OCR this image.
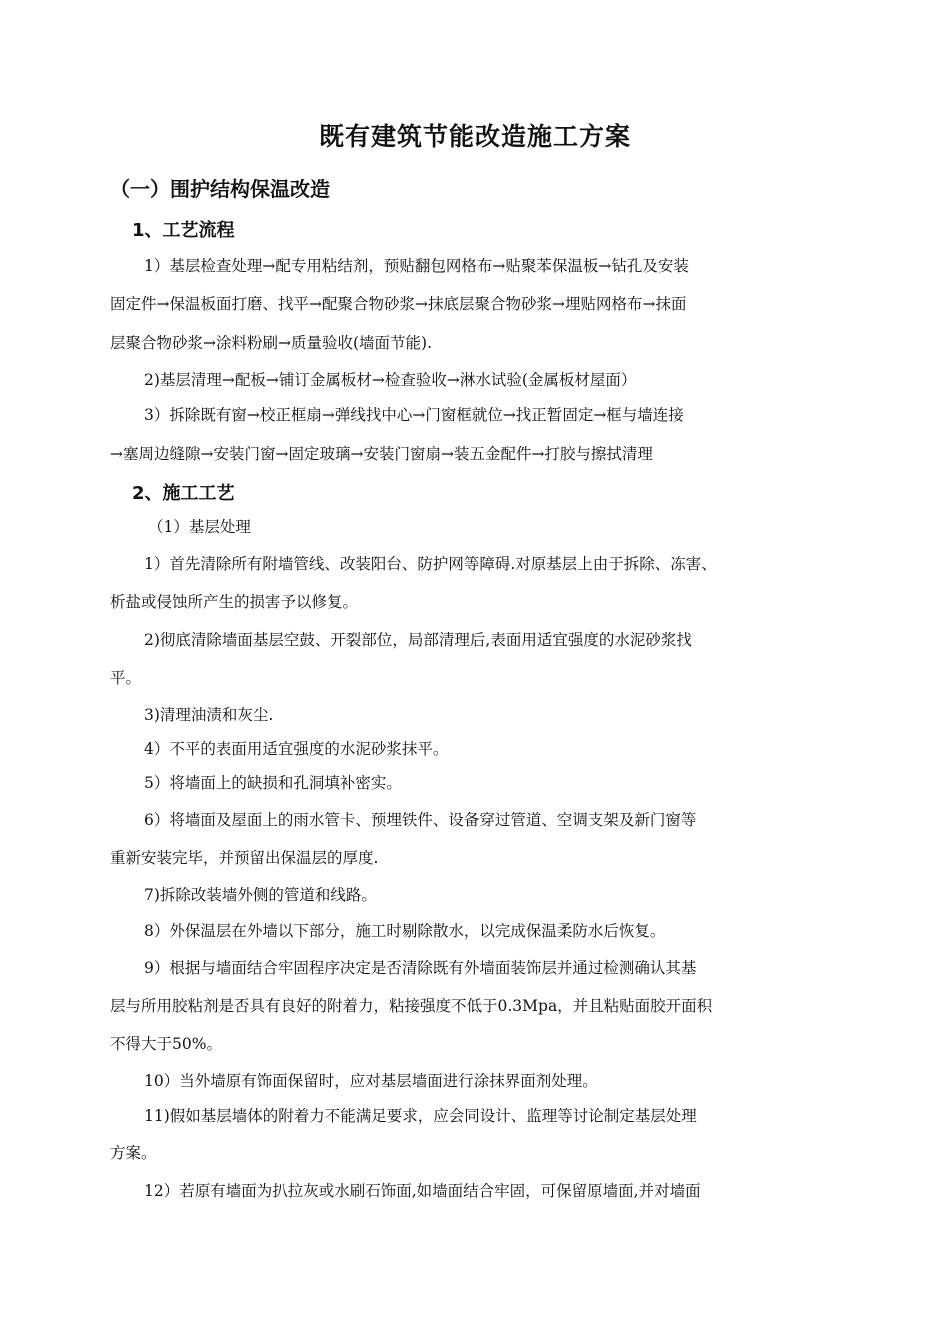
既有建筑节能改造施工方案
（一）围护结构保温改造
1、工艺流程
1）基层检查处理→配专用粘结剂，预贴翻包网格布→贴聚苯保温板→钻孔及安装
固定件→保温板面打磨、找平→配聚合物砂浆→抹底层聚合物砂浆→埋贴网格布→抹面
层聚合物砂浆→涂料粉刷→质量验收(墙面节能).
2)基层清理→配板→铺订金属板材→检查验收→淋水试验(金属板材屋面）
3）拆除既有窗→校正框扇→弹线找中心→门窗框就位→找正暂固定→框与墙连接
→塞周边缝隙→安装门窗→固定玻璃→安装门窗扇→装五金配件→打胶与擦拭清理
2、施工工艺
（1）基层处理
1）首先清除所有附墙管线、改装阳台、防护网等障碍.对原基层上由于拆除、冻害、
析盐或侵蚀所产生的损害予以修复。
2)彻底清除墙面基层空鼓、开裂部位，局部清理后,表面用适宜强度的水泥砂浆找
平。
3)清理油渍和灰尘.
4）不平的表面用适宜强度的水泥砂浆抹平。
5）将墙面上的缺损和孔洞填补密实。
6）将墙面及屋面上的雨水管卡、预埋铁件、设备穿过管道、空调支架及新门窗等
重新安装完毕，并预留出保温层的厚度.
7)拆除改装墙外侧的管道和线路。
8）外保温层在外墙以下部分，施工时剔除散水，以完成保温柔防水后恢复。
9）根据与墙面结合牢固程序决定是否清除既有外墙面装饰层并通过检测确认其基
层与所用胶粘剂是否具有良好的附着力，粘接强度不低于0.3Mpa，并且粘贴面胶开面积
不得大于50%。
10）当外墙原有饰面保留时，应对基层墙面进行涂抹界面剂处理。
11)假如基层墙体的附着力不能满足要求，应会同设计、监理等讨论制定基层处理
方案。
12）若原有墙面为扒拉灰或水刷石饰面,如墙面结合牢固，可保留原墙面,并对墙面
